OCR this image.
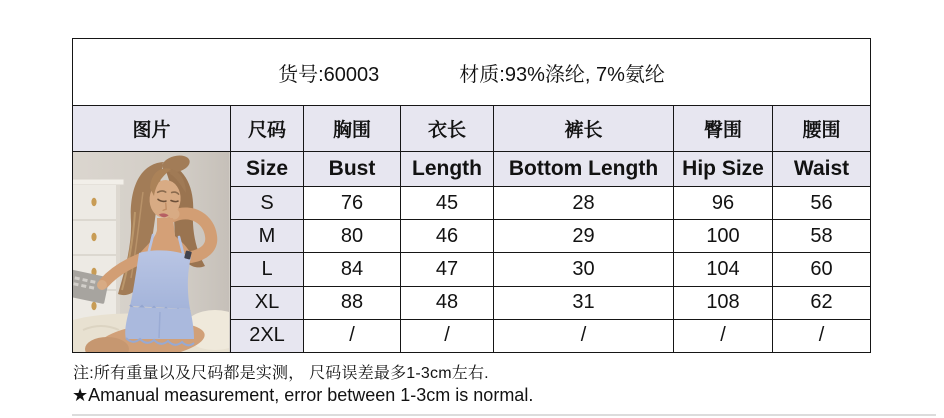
货号:60003 材质:93%涤纶, 7%氨纶						

图片	尺码	胸围	衣长	裤长	臀围	腰围

	Size	Bust	Length	Bottom Length	Hip Size	Waist
	S	76	45	28	96	56
	M	80	46	29	100	58
	L	84	47	30	104	60
	XL	88	48	31	108	62
	2XL	/	/	/	/	/
注:所有重量以及尺码都是实测， 尺码误差最多1-3cm左右.
★Amanual measurement, error between 1-3cm is normal.
